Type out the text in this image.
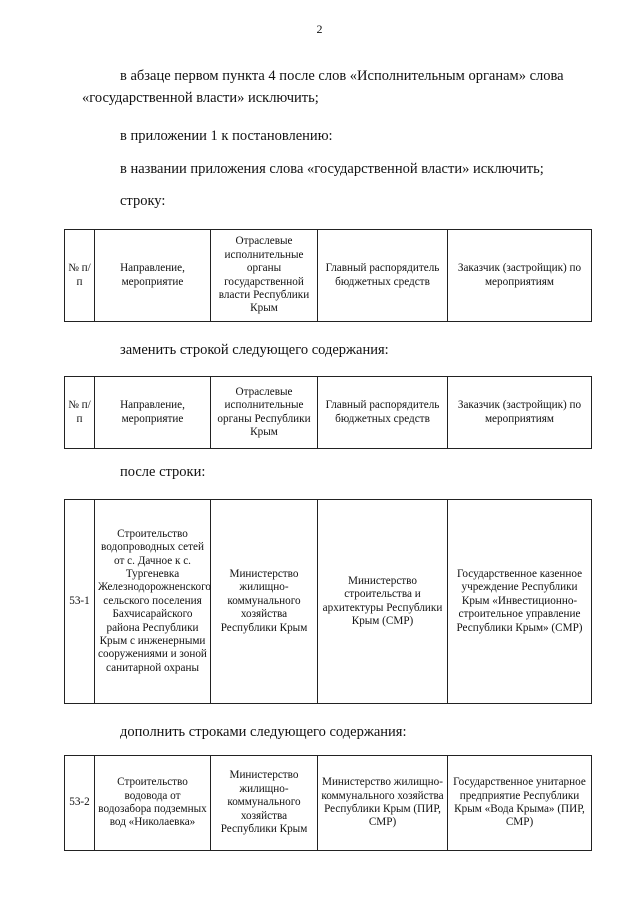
2
в абзаце первом пункта 4 после слов «Исполнительным органам» слова
«государственной власти» исключить;
в приложении 1 к постановлению:
в названии приложения слова «государственной власти» исключить;
строку:
№ п/п	Направление, мероприятие	Отраслевые исполнительные органы государственной власти Республики Крым	Главный распорядитель бюджетных средств	Заказчик (застройщик) по мероприятиям
заменить строкой следующего содержания:
№ п/п	Направление, мероприятие	Отраслевые исполнительные органы Республики Крым	Главный распорядитель бюджетных средств	Заказчик (застройщик) по мероприятиям
после строки:
53-1	Строительство водопроводных сетей от с. Дачное к с. Тургеневка Железнодорожненского сельского поселения Бахчисарайского района Республики Крым с инженерными сооружениями и зоной санитарной охраны	Министерство жилищно-коммунального хозяйства Республики Крым	Министерство строительства и архитектуры Республики Крым (СМР)	Государственное казенное учреждение Республики Крым «Инвестиционно-строительное управление Республики Крым» (СМР)
дополнить строками следующего содержания:
53-2	Строительство водовода от водозабора подземных вод «Николаевка»	Министерство жилищно-коммунального хозяйства Республики Крым	Министерство жилищно-коммунального хозяйства Республики Крым (ПИР, СМР)	Государственное унитарное предприятие Республики Крым «Вода Крыма» (ПИР, СМР)
